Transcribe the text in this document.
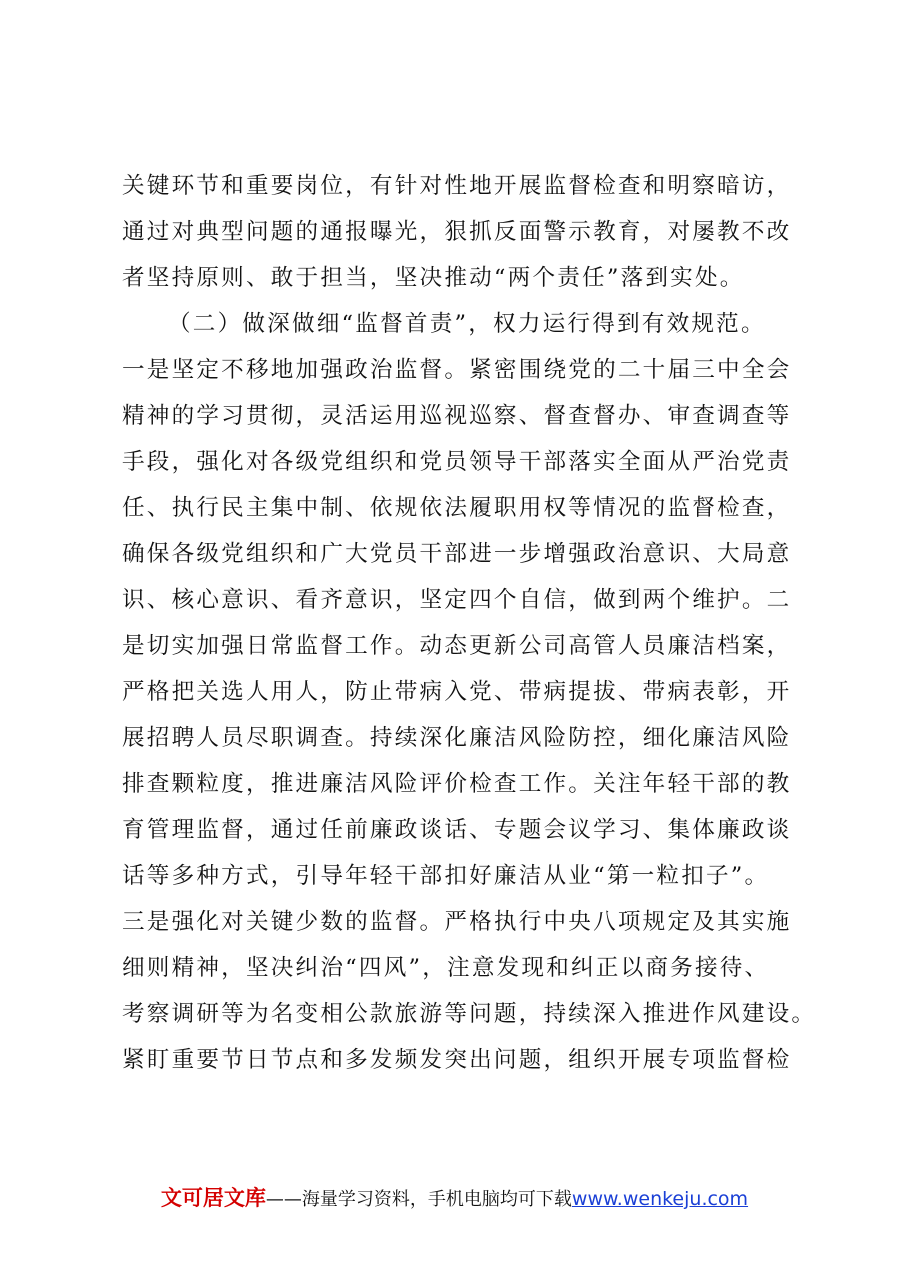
关键环节和重要岗位，有针对性地开展监督检查和明察暗访，
通过对典型问题的通报曝光，狠抓反面警示教育，对屡教不改
者坚持原则、敢于担当，坚决推动“两个责任”落到实处。
（二）做深做细“监督首责”，权力运行得到有效规范。
一是坚定不移地加强政治监督。紧密围绕党的二十届三中全会
精神的学习贯彻，灵活运用巡视巡察、督查督办、审查调查等
手段，强化对各级党组织和党员领导干部落实全面从严治党责
任、执行民主集中制、依规依法履职用权等情况的监督检查，
确保各级党组织和广大党员干部进一步增强政治意识、大局意
识、核心意识、看齐意识，坚定四个自信，做到两个维护。二
是切实加强日常监督工作。动态更新公司高管人员廉洁档案，
严格把关选人用人，防止带病入党、带病提拔、带病表彰，开
展招聘人员尽职调查。持续深化廉洁风险防控，细化廉洁风险
排查颗粒度，推进廉洁风险评价检查工作。关注年轻干部的教
育管理监督，通过任前廉政谈话、专题会议学习、集体廉政谈
话等多种方式，引导年轻干部扣好廉洁从业“第一粒扣子”。
三是强化对关键少数的监督。严格执行中央八项规定及其实施
细则精神，坚决纠治“四风”，注意发现和纠正以商务接待、
考察调研等为名变相公款旅游等问题，持续深入推进作风建设。
紧盯重要节日节点和多发频发突出问题，组织开展专项监督检
文可居文库——海量学习资料，手机电脑均可下载www.wenkeju.com
